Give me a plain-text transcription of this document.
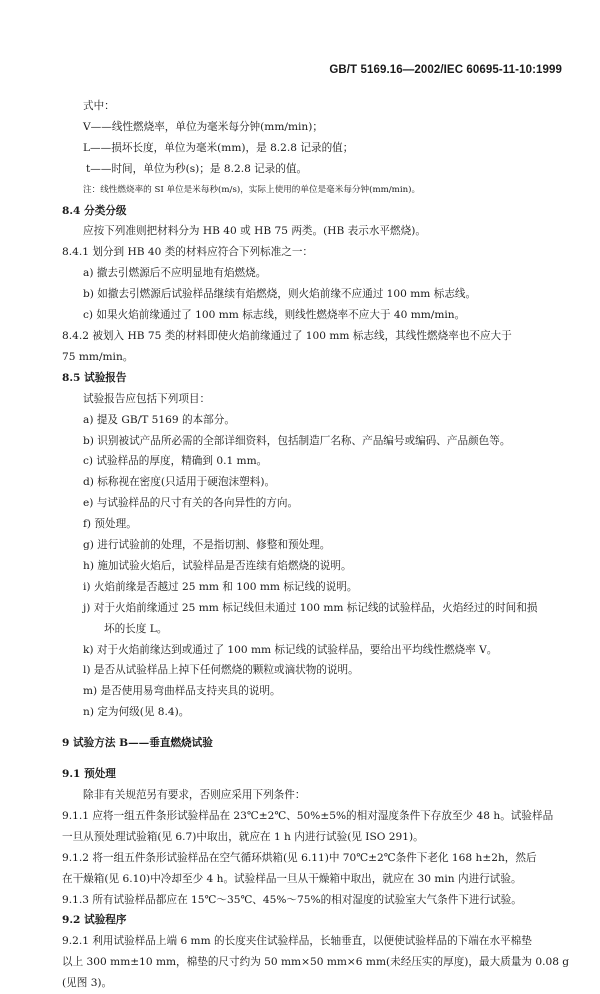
GB/T 5169.16—2002/IEC 60695-11-10:1999
式中：
V——线性燃烧率，单位为毫米每分钟(mm/min)；
L——损坏长度，单位为毫米(mm)，是 8.2.8 记录的值；
t——时间，单位为秒(s)；是 8.2.8 记录的值。
注：线性燃烧率的 SI 单位是米每秒(m/s)，实际上使用的单位是毫米每分钟(mm/min)。
8.4 分类分级
应按下列准则把材料分为 HB 40 或 HB 75 两类。(HB 表示水平燃烧)。
8.4.1 划分到 HB 40 类的材料应符合下列标准之一：
a) 撤去引燃源后不应明显地有焰燃烧。
b) 如撤去引燃源后试验样品继续有焰燃烧，则火焰前缘不应通过 100 mm 标志线。
c) 如果火焰前缘通过了 100 mm 标志线，则线性燃烧率不应大于 40 mm/min。
8.4.2 被划入 HB 75 类的材料即使火焰前缘通过了 100 mm 标志线，其线性燃烧率也不应大于
75 mm/min。
8.5 试验报告
试验报告应包括下列项目：
a) 提及 GB/T 5169 的本部分。
b) 识别被试产品所必需的全部详细资料，包括制造厂名称、产品编号或编码、产品颜色等。
c) 试验样品的厚度，精确到 0.1 mm。
d) 标称视在密度(只适用于硬泡沫塑料)。
e) 与试验样品的尺寸有关的各向异性的方向。
f) 预处理。
g) 进行试验前的处理，不是指切割、修整和预处理。
h) 施加试验火焰后，试验样品是否连续有焰燃烧的说明。
i) 火焰前缘是否越过 25 mm 和 100 mm 标记线的说明。
j) 对于火焰前缘通过 25 mm 标记线但未通过 100 mm 标记线的试验样品，火焰经过的时间和损
坏的长度 L。
k) 对于火焰前缘达到或通过了 100 mm 标记线的试验样品，要给出平均线性燃烧率 V。
l) 是否从试验样品上掉下任何燃烧的颗粒或滴状物的说明。
m) 是否使用易弯曲样品支持夹具的说明。
n) 定为何级(见 8.4)。
9 试验方法 B——垂直燃烧试验
9.1 预处理
除非有关规范另有要求，否则应采用下列条件：
9.1.1 应将一组五件条形试验样品在 23℃±2℃、50%±5%的相对湿度条件下存放至少 48 h。试验样品
一旦从预处理试验箱(见 6.7)中取出，就应在 1 h 内进行试验(见 ISO 291)。
9.1.2 将一组五件条形试验样品在空气循环烘箱(见 6.11)中 70℃±2℃条件下老化 168 h±2h，然后
在干燥箱(见 6.10)中冷却至少 4 h。试验样品一旦从干燥箱中取出，就应在 30 min 内进行试验。
9.1.3 所有试验样品都应在 15℃～35℃、45%～75%的相对湿度的试验室大气条件下进行试验。
9.2 试验程序
9.2.1 利用试验样品上端 6 mm 的长度夹住试验样品，长轴垂直，以便使试验样品的下端在水平棉垫
以上 300 mm±10 mm，棉垫的尺寸约为 50 mm×50 mm×6 mm(未经压实的厚度)，最大质量为 0.08 g
(见图 3)。
